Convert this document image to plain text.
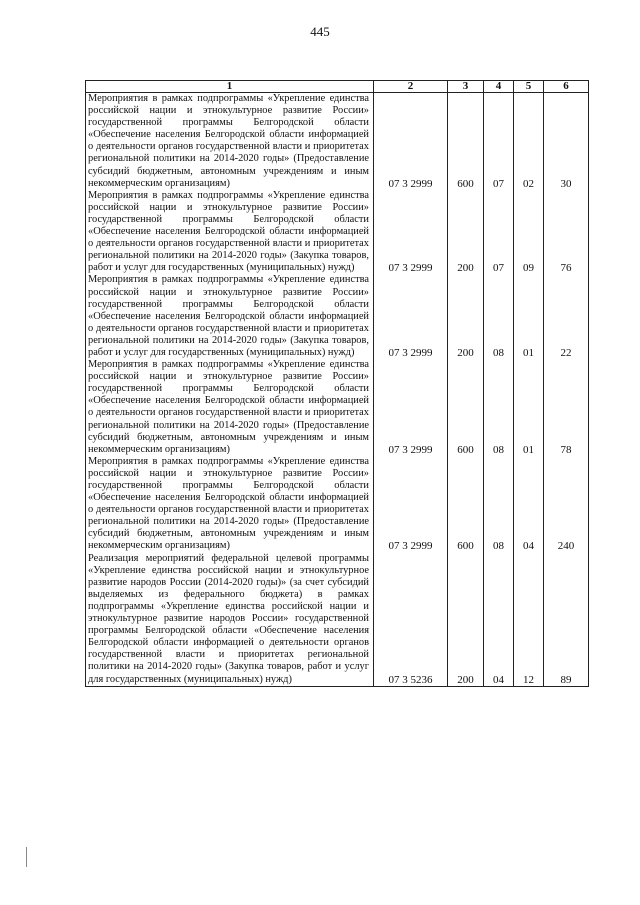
445
1	2	3	4	5	6
Мероприятия в рамках подпрограммы «Укрепление единства российской нации и этнокультурное развитие России» государственной программы Белгородской области «Обеспечение населения Белгородской области информацией о деятельности органов государственной власти и приоритетах региональной политики на 2014-2020 годы» (Предоставление субсидий бюджетным, автономным учреждениям и иным некоммерческим организациям)	07 3 2999	600	07	02	30
Мероприятия в рамках подпрограммы «Укрепление единства российской нации и этнокультурное развитие России» государственной программы Белгородской области «Обеспечение населения Белгородской области информацией о деятельности органов государственной власти и приоритетах региональной политики на 2014-2020 годы» (Закупка товаров, работ и услуг для государственных (муниципальных) нужд)	07 3 2999	200	07	09	76
Мероприятия в рамках подпрограммы «Укрепление единства российской нации и этнокультурное развитие России» государственной программы Белгородской области «Обеспечение населения Белгородской области информацией о деятельности органов государственной власти и приоритетах региональной политики на 2014-2020 годы» (Закупка товаров, работ и услуг для государственных (муниципальных) нужд)	07 3 2999	200	08	01	22
Мероприятия в рамках подпрограммы «Укрепление единства российской нации и этнокультурное развитие России» государственной программы Белгородской области «Обеспечение населения Белгородской области информацией о деятельности органов государственной власти и приоритетах региональной политики на 2014-2020 годы» (Предоставление субсидий бюджетным, автономным учреждениям и иным некоммерческим организациям)	07 3 2999	600	08	01	78
Мероприятия в рамках подпрограммы «Укрепление единства российской нации и этнокультурное развитие России» государственной программы Белгородской области «Обеспечение населения Белгородской области информацией о деятельности органов государственной власти и приоритетах региональной политики на 2014-2020 годы» (Предоставление субсидий бюджетным, автономным учреждениям и иным некоммерческим организациям)	07 3 2999	600	08	04	240
Реализация мероприятий федеральной целевой программы «Укрепление единства российской нации и этнокультурное развитие народов России (2014-2020 годы)» (за счет субсидий выделяемых из федерального бюджета) в рамках подпрограммы «Укрепление единства российской нации и этнокультурное развитие народов России» государственной программы Белгородской области «Обеспечение населения Белгородской области информацией о деятельности органов государственной власти и приоритетах региональной политики на 2014-2020 годы» (Закупка товаров, работ и услуг для государственных (муниципальных) нужд)	07 3 5236	200	04	12	89
